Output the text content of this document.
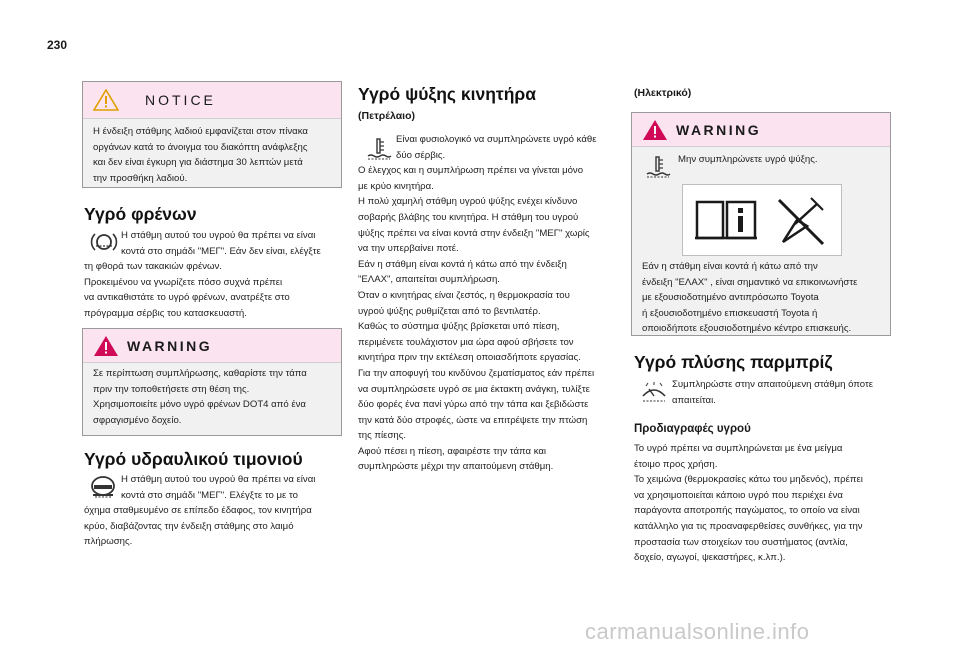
230
NOTICE
Η ένδειξη στάθμης λαδιού εμφανίζεται στον πίνακα
οργάνων κατά το άνοιγμα του διακόπτη ανάφλεξης
και δεν είναι έγκυρη για διάστημα 30 λεπτών μετά
την προσθήκη λαδιού.
Υγρό φρένων
Η στάθμη αυτού του υγρού θα πρέπει να είναι
κοντά στο σημάδι "ΜΕΓ". Εάν δεν είναι, ελέγξτε
τη φθορά των τακακιών φρένων.
Προκειμένου να γνωρίζετε πόσο συχνά πρέπει
να αντικαθιστάτε το υγρό φρένων, ανατρέξτε στο
πρόγραμμα σέρβις του κατασκευαστή.
WARNING
Σε περίπτωση συμπλήρωσης, καθαρίστε την τάπα
πριν την τοποθετήσετε στη θέση της.
Χρησιμοποιείτε μόνο υγρό φρένων DOT4 από ένα
σφραγισμένο δοχείο.
Υγρό υδραυλικού τιμονιού
Η στάθμη αυτού του υγρού θα πρέπει να είναι
κοντά στο σημάδι "ΜΕΓ". Ελέγξτε το με το
όχημα σταθμευμένο σε επίπεδο έδαφος, τον κινητήρα
κρύο, διαβάζοντας την ένδειξη στάθμης στο λαιμό
πλήρωσης.
Υγρό ψύξης κινητήρα
(Πετρέλαιο)
Είναι φυσιολογικό να συμπληρώνετε υγρό κάθε
δύο σέρβις.
Ο έλεγχος και η συμπλήρωση πρέπει να γίνεται μόνο
με κρύο κινητήρα.
Η πολύ χαμηλή στάθμη υγρού ψύξης ενέχει κίνδυνο
σοβαρής βλάβης του κινητήρα. Η στάθμη του υγρού
ψύξης πρέπει να είναι κοντά στην ένδειξη "ΜΕΓ" χωρίς
να την υπερβαίνει ποτέ.
Εάν η στάθμη είναι κοντά ή κάτω από την ένδειξη
"ΕΛΑΧ", απαιτείται συμπλήρωση.
Όταν ο κινητήρας είναι ζεστός, η θερμοκρασία του
υγρού ψύξης ρυθμίζεται από το βεντιλατέρ.
Καθώς το σύστημα ψύξης βρίσκεται υπό πίεση,
περιμένετε τουλάχιστον μια ώρα αφού σβήσετε τον
κινητήρα πριν την εκτέλεση οποιασδήποτε εργασίας.
Για την αποφυγή του κινδύνου ζεματίσματος εάν πρέπει
να συμπληρώσετε υγρό σε μια έκτακτη ανάγκη, τυλίξτε
δύο φορές ένα πανί γύρω από την τάπα και ξεβιδώστε
την κατά δύο στροφές, ώστε να επιτρέψετε την πτώση
της πίεσης.
Αφού πέσει η πίεση, αφαιρέστε την τάπα και
συμπληρώστε μέχρι την απαιτούμενη στάθμη.
(Ηλεκτρικό)
WARNING
Μην συμπληρώνετε υγρό ψύξης.
Εάν η στάθμη είναι κοντά ή κάτω από την
ένδειξη "ΕΛΑΧ" , είναι σημαντικό να επικοινωνήστε
με εξουσιοδοτημένο αντιπρόσωπο Toyota
ή εξουσιοδοτημένο επισκευαστή Toyota ή
οποιοδήποτε εξουσιοδοτημένο κέντρο επισκευής.
Υγρό πλύσης παρμπρίζ
Συμπληρώστε στην απαιτούμενη στάθμη όποτε
απαιτείται.
Προδιαγραφές υγρού
Το υγρό πρέπει να συμπληρώνεται με ένα μείγμα
έτοιμο προς χρήση.
Το χειμώνα (θερμοκρασίες κάτω του μηδενός), πρέπει
να χρησιμοποιείται κάποιο υγρό που περιέχει ένα
παράγοντα αποτροπής παγώματος, το οποίο να είναι
κατάλληλο για τις προαναφερθείσες συνθήκες, για την
προστασία των στοιχείων του συστήματος (αντλία,
δοχείο, αγωγοί, ψεκαστήρες, κ.λπ.).
carmanualsonline.info
